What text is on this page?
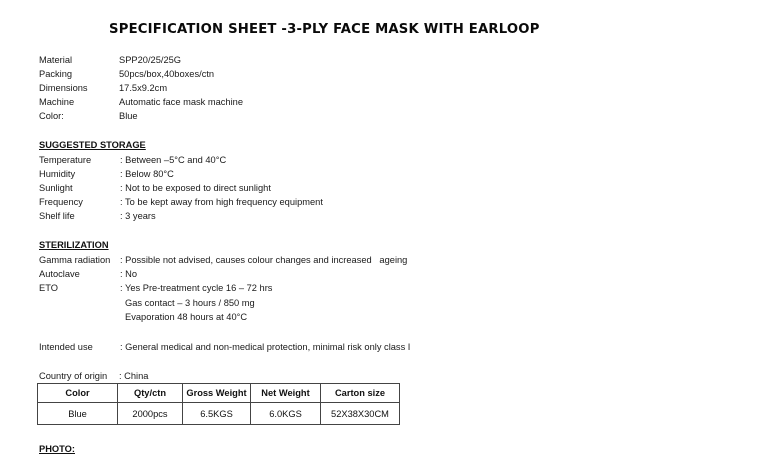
SPECIFICATION SHEET -3-PLY FACE MASK WITH EARLOOP
Material	SPP20/25/25G
Packing	50pcs/box,40boxes/ctn
Dimensions	17.5x9.2cm
Machine	Automatic face mask machine
Color:	Blue
SUGGESTED STORAGE
Temperature	: Between –5°C and 40°C
Humidity	: Below 80°C
Sunlight	: Not to be exposed to direct sunlight
Frequency	: To be kept away from high frequency equipment
Shelf life	: 3 years
STERILIZATION
Gamma radiation : Possible not advised, causes colour changes and increased   ageing
Autoclave	: No
ETO	: Yes Pre-treatment cycle 16 – 72 hrs
Gas contact – 3 hours / 850 mg
Evaporation 48 hours at 40°C
Intended use	: General medical and non-medical protection, minimal risk only class I
Country of origin : China
Color	Qty/ctn	Gross Weight	Net Weight	Carton size
Blue	2000pcs	6.5KGS	6.0KGS	52X38X30CM
PHOTO:
